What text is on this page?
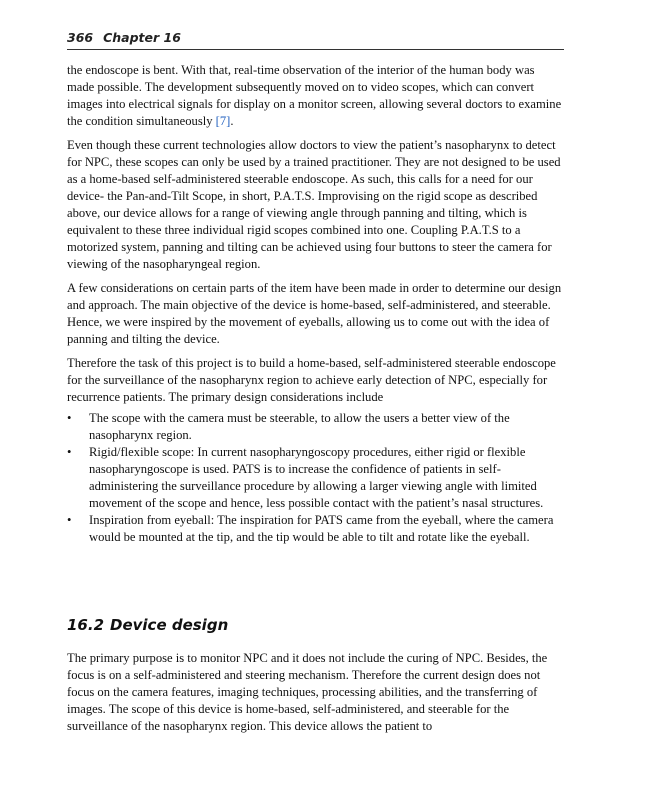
366 Chapter 16

the endoscope is bent. With that, real-time observation of the interior of the human body was made possible. The development subsequently moved on to video scopes, which can convert images into electrical signals for display on a monitor screen, allowing several doctors to examine the condition simultaneously [7].

Even though these current technologies allow doctors to view the patient’s nasopharynx to detect for NPC, these scopes can only be used by a trained practitioner. They are not designed to be used as a home-based self-administered steerable endoscope. As such, this calls for a need for our device- the Pan-and-Tilt Scope, in short, P.A.T.S. Improvising on the rigid scope as described above, our device allows for a range of viewing angle through panning and tilting, which is equivalent to these three individual rigid scopes combined into one. Coupling P.A.T.S to a motorized system, panning and tilting can be achieved using four buttons to steer the camera for viewing of the nasopharyngeal region.

A few considerations on certain parts of the item have been made in order to determine our design and approach. The main objective of the device is home-based, self-administered, and steerable. Hence, we were inspired by the movement of eyeballs, allowing us to come out with the idea of panning and tilting the device.

Therefore the task of this project is to build a home-based, self-administered steerable endoscope for the surveillance of the nasopharynx region to achieve early detection of NPC, especially for recurrence patients. The primary design considerations include

• The scope with the camera must be steerable, to allow the users a better view of the nasopharynx region.
• Rigid/flexible scope: In current nasopharyngoscopy procedures, either rigid or flexible nasopharyngoscope is used. PATS is to increase the confidence of patients in self-administering the surveillance procedure by allowing a larger viewing angle with limited movement of the scope and hence, less possible contact with the patient’s nasal structures.
• Inspiration from eyeball: The inspiration for PATS came from the eyeball, where the camera would be mounted at the tip, and the tip would be able to tilt and rotate like the eyeball.
16.2 Device design

The primary purpose is to monitor NPC and it does not include the curing of NPC. Besides, the focus is on a self-administered and steering mechanism. Therefore the current design does not focus on the camera features, imaging techniques, processing abilities, and the transferring of images. The scope of this device is home-based, self-administered, and steerable for the surveillance of the nasopharynx region. This device allows the patient to
